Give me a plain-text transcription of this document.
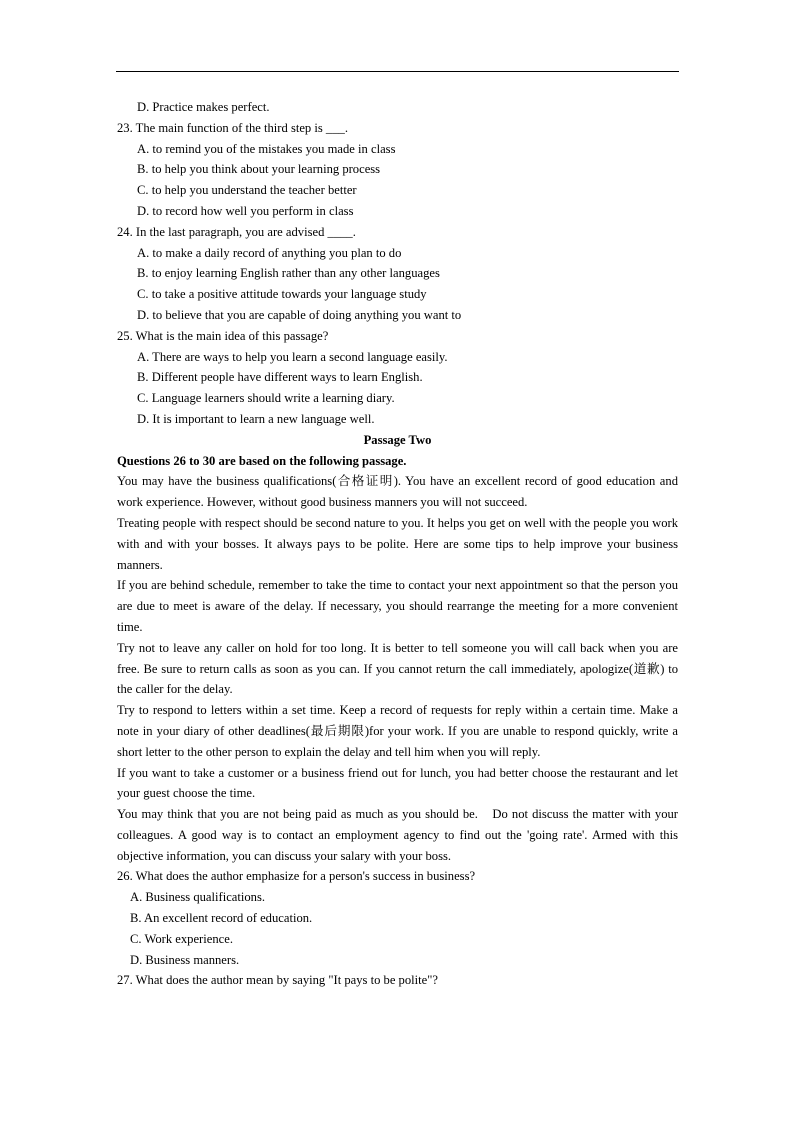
D. Practice makes perfect.
23. The main function of the third step is ___.
A. to remind you of the mistakes you made in class
B. to help you think about your learning process
C. to help you understand the teacher better
D. to record how well you perform in class
24. In the last paragraph, you are advised ____.
A. to make a daily record of anything you plan to do
B. to enjoy learning English rather than any other languages
C. to take a positive attitude towards your language study
D. to believe that you are capable of doing anything you want to
25. What is the main idea of this passage?
A. There are ways to help you learn a second language easily.
B. Different people have different ways to learn English.
C. Language learners should write a learning diary.
D. It is important to learn a new language well.
Passage Two
Questions 26 to 30 are based on the following passage.
You may have the business qualifications(合格证明). You have an excellent record of good education and work experience. However, without good business manners you will not succeed.
Treating people with respect should be second nature to you. It helps you get on well with the people you work with and with your bosses. It always pays to be polite. Here are some tips to help improve your business manners.
If you are behind schedule, remember to take the time to contact your next appointment so that the person you are due to meet is aware of the delay. If necessary, you should rearrange the meeting for a more convenient time.
Try not to leave any caller on hold for too long. It is better to tell someone you will call back when you are free. Be sure to return calls as soon as you can. If you cannot return the call immediately, apologize(道歉) to the caller for the delay.
Try to respond to letters within a set time. Keep a record of requests for reply within a certain time. Make a note in your diary of other deadlines(最后期限)for your work. If you are unable to respond quickly, write a short letter to the other person to explain the delay and tell him when you will reply.
If you want to take a customer or a business friend out for lunch, you had better choose the restaurant and let your guest choose the time.
You may think that you are not being paid as much as you should be.　Do not discuss the matter with your colleagues. A good way is to contact an employment agency to find out the 'going rate'. Armed with this objective information, you can discuss your salary with your boss.
26. What does the author emphasize for a person's success in business?
A. Business qualifications.
B. An excellent record of education.
C. Work experience.
D. Business manners.
27. What does the author mean by saying "It pays to be polite"?
